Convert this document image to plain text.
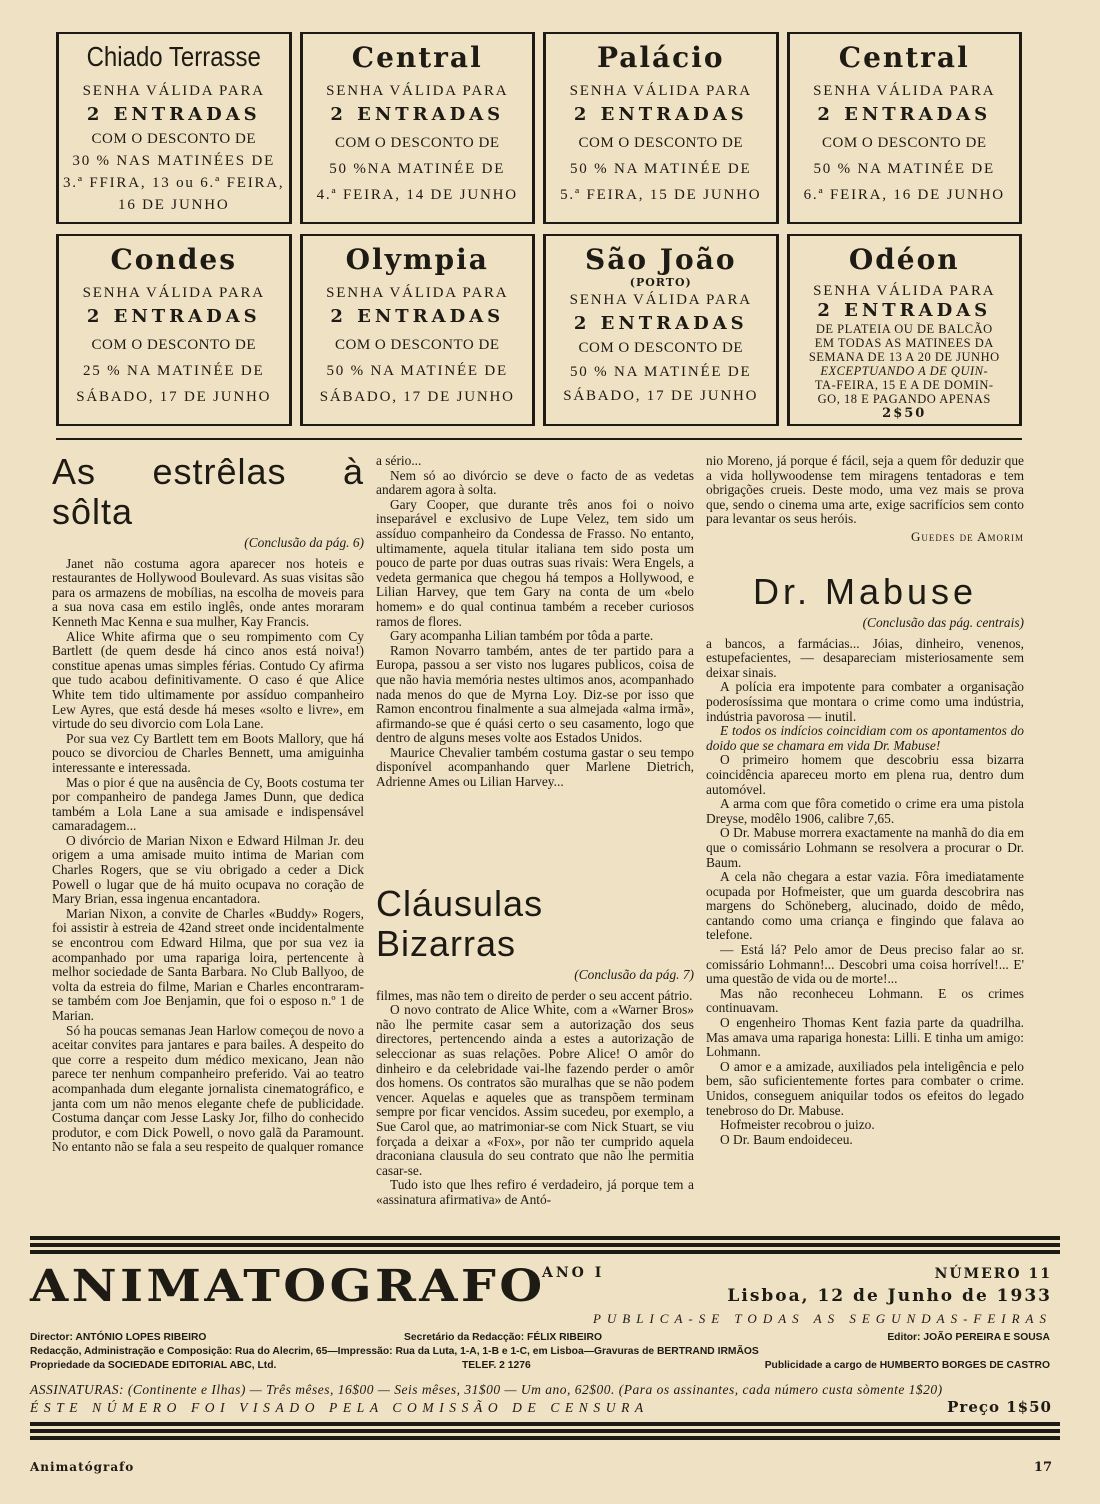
Chiado Terrasse
SENHA VÁLIDA PARA
2 ENTRADAS
COM O DESCONTO DE
30 % NAS MATINÉES DE
3.ª FFIRA, 13 ou 6.ª FEIRA,
16 DE JUNHO
Central
SENHA VÁLIDA PARA
2 ENTRADAS
COM O DESCONTO DE
50 %NA MATINÉE DE
4.ª FEIRA, 14 DE JUNHO
Palácio
SENHA VÁLIDA PARA
2 ENTRADAS
COM O DESCONTO DE
50 % NA MATINÉE DE
5.ª FEIRA, 15 DE JUNHO
Central
SENHA VÁLIDA PARA
2 ENTRADAS
COM O DESCONTO DE
50 % NA MATINÉE DE
6.ª FEIRA, 16 DE JUNHO
Condes
SENHA VÁLIDA PARA
2 ENTRADAS
COM O DESCONTO DE
25 % NA MATINÉE DE
SÁBADO, 17 DE JUNHO
Olympia
SENHA VÁLIDA PARA
2 ENTRADAS
COM O DESCONTO DE
50 % NA MATINÉE DE
SÁBADO, 17 DE JUNHO
São João
(PORTO)
SENHA VÁLIDA PARA
2 ENTRADAS
COM O DESCONTO DE
50 % NA MATINÉE DE
SÁBADO, 17 DE JUNHO
Odéon
SENHA VÁLIDA PARA
2 ENTRADAS
DE PLATEIA OU DE BALCÃO
EM TODAS AS MATINEES DA
SEMANA DE 13 A 20 DE JUNHO
EXCEPTUANDO A DE QUIN-
TA-FEIRA, 15 E A DE DOMIN-
GO, 18 E PAGANDO APENAS
2$50
As estrêlas à sôlta
(Conclusão da pág. 6)

Janet não costuma agora aparecer nos hoteis e restaurantes de Hollywood Boulevard. As suas visitas são para os armazens de mobílias, na escolha de moveis para a sua nova casa em estilo inglês, onde antes moraram Kenneth Mac Kenna e sua mulher, Kay Francis.

Alice White afirma que o seu rompimento com Cy Bartlett (de quem desde há cinco anos está noiva!) constitue apenas umas simples férias. Contudo Cy afirma que tudo acabou definitivamente. O caso é que Alice White tem tido ultimamente por assíduo companheiro Lew Ayres, que está desde há meses «solto e livre», em virtude do seu divorcio com Lola Lane.

Por sua vez Cy Bartlett tem em Boots Mallory, que há pouco se divorciou de Charles Bennett, uma amiguinha interessante e interessada.

Mas o pior é que na ausência de Cy, Boots costuma ter por companheiro de pandega James Dunn, que dedica também a Lola Lane a sua amisade e indispensável camaradagem...

O divórcio de Marian Nixon e Edward Hilman Jr. deu origem a uma amisade muito intima de Marian com Charles Rogers, que se viu obrigado a ceder a Dick Powell o lugar que de há muito ocupava no coração de Mary Brian, essa ingenua encantadora.

Marian Nixon, a convite de Charles «Buddy» Rogers, foi assistir à estreia de 42and street onde incidentalmente se encontrou com Edward Hilma, que por sua vez ia acompanhado por uma rapariga loira, pertencente à melhor sociedade de Santa Barbara. No Club Ballyoo, de volta da estreia do filme, Marian e Charles encontraram-se também com Joe Benjamin, que foi o esposo n.º 1 de Marian.

Só ha poucas semanas Jean Harlow começou de novo a aceitar convites para jantares e para bailes. A despeito do que corre a respeito dum médico mexicano, Jean não parece ter nenhum companheiro preferido. Vai ao teatro acompanhada dum elegante jornalista cinematográfico, e janta com um não menos elegante chefe de publicidade. Costuma dançar com Jesse Lasky Jor, filho do conhecido produtor, e com Dick Powell, o novo galã da Paramount. No entanto não se fala a seu respeito de qualquer romance

a sério...

Nem só ao divórcio se deve o facto de as vedetas andarem agora à solta.

Gary Cooper, que durante três anos foi o noivo inseparável e exclusivo de Lupe Velez, tem sido um assíduo companheiro da Condessa de Frasso. No entanto, ultimamente, aquela titular italiana tem sido posta um pouco de parte por duas outras suas rivais: Wera Engels, a vedeta germanica que chegou há tempos a Hollywood, e Lilian Harvey, que tem Gary na conta de um «belo homem» e do qual continua também a receber curiosos ramos de flores.

Gary acompanha Lilian também por tôda a parte.

Ramon Novarro também, antes de ter partido para a Europa, passou a ser visto nos lugares publicos, coisa de que não havia memória nestes ultimos anos, acompanhado nada menos do que de Myrna Loy. Diz-se por isso que Ramon encontrou finalmente a sua almejada «alma irmã», afirmando-se que é quási certo o seu casamento, logo que dentro de alguns meses volte aos Estados Unidos.

Maurice Chevalier também costuma gastar o seu tempo disponível acompanhando quer Marlene Dietrich, Adrienne Ames ou Lilian Harvey...

Cláusulas Bizarras
(Conclusão da pág. 7)

filmes, mas não tem o direito de perder o seu accent pátrio.

O novo contrato de Alice White, com a «Warner Bros» não lhe permite casar sem a autorização dos seus directores, pertencendo ainda a estes a autorização de seleccionar as suas relações. Pobre Alice! O amôr do dinheiro e da celebridade vai-lhe fazendo perder o amôr dos homens. Os contratos são muralhas que se não podem vencer. Aquelas e aqueles que as transpõem terminam sempre por ficar vencidos. Assim sucedeu, por exemplo, a Sue Carol que, ao matrimoniar-se com Nick Stuart, se viu forçada a deixar a «Fox», por não ter cumprido aquela draconiana clausula do seu contrato que não lhe permitia casar-se.

Tudo isto que lhes refiro é verdadeiro, já porque tem a «assinatura afirmativa» de Antó-

nio Moreno, já porque é fácil, seja a quem fôr deduzir que a vida hollywoodense tem miragens tentadoras e tem obrigações crueis. Deste modo, uma vez mais se prova que, sendo o cinema uma arte, exige sacrifícios sem conto para levantar os seus heróis.

Guedes de Amorim
Dr. Mabuse
(Conclusão das pág. centrais)

a bancos, a farmácias... Jóias, dinheiro, venenos, estupefacientes, — desapareciam misteriosamente sem deixar sinais.

A polícia era impotente para combater a organisação poderosíssima que montara o crime como uma indústria, indústria pavorosa — inutil.

E todos os indícios coincidiam com os apontamentos do doido que se chamara em vida Dr. Mabuse!

O primeiro homem que descobriu essa bizarra coincidência apareceu morto em plena rua, dentro dum automóvel.

A arma com que fôra cometido o crime era uma pistola Dreyse, modêlo 1906, calibre 7,65.

O Dr. Mabuse morrera exactamente na manhã do dia em que o comissário Lohmann se resolvera a procurar o Dr. Baum.

A cela não chegara a estar vazia. Fôra imediatamente ocupada por Hofmeister, que um guarda descobrira nas margens do Schöneberg, alucinado, doido de mêdo, cantando como uma criança e fingindo que falava ao telefone.

— Está lá? Pelo amor de Deus preciso falar ao sr. comissário Lohmann!... Descobri uma coisa horrível!... E' uma questão de vida ou de morte!...

Mas não reconheceu Lohmann. E os crimes continuavam.

O engenheiro Thomas Kent fazia parte da quadrilha. Mas amava uma rapariga honesta: Lilli. E tinha um amigo: Lohmann.

O amor e a amizade, auxiliados pela inteligência e pelo bem, são suficientemente fortes para combater o crime. Unidos, conseguem aniquilar todos os efeitos do legado tenebroso do Dr. Mabuse.

Hofmeister recobrou o juizo.

O Dr. Baum endoideceu.

ANIMATOGRAFO
ANO I	NÚMERO 11
Lisboa, 12 de Junho de 1933
PUBLICA-SE TODAS AS SEGUNDAS-FEIRAS
Director: ANTÓNIO LOPES RIBEIRO	Secretário da Redacção: FÉLIX RIBEIRO	Editor: JOÃO PEREIRA E SOUSA
Redacção, Administração e Composição: Rua do Alecrim, 65—Impressão: Rua da Luta, 1-A, 1-B e 1-C, em Lisboa—Gravuras de BERTRAND IRMÃOS
Propriedade da SOCIEDADE EDITORIAL ABC, Ltd.	TELEF. 2 1276	Publicidade a cargo de HUMBERTO BORGES DE CASTRO
ASSINATURAS: (Continente e Ilhas) — Três mêses, 16$00 — Seis mêses, 31$00 — Um ano, 62$00. (Para os assinantes, cada número custa sòmente 1$20)
ÉSTE NÚMERO FOI VISADO PELA COMISSÃO DE CENSURA	Preço 1$50
Animatógrafo	17
